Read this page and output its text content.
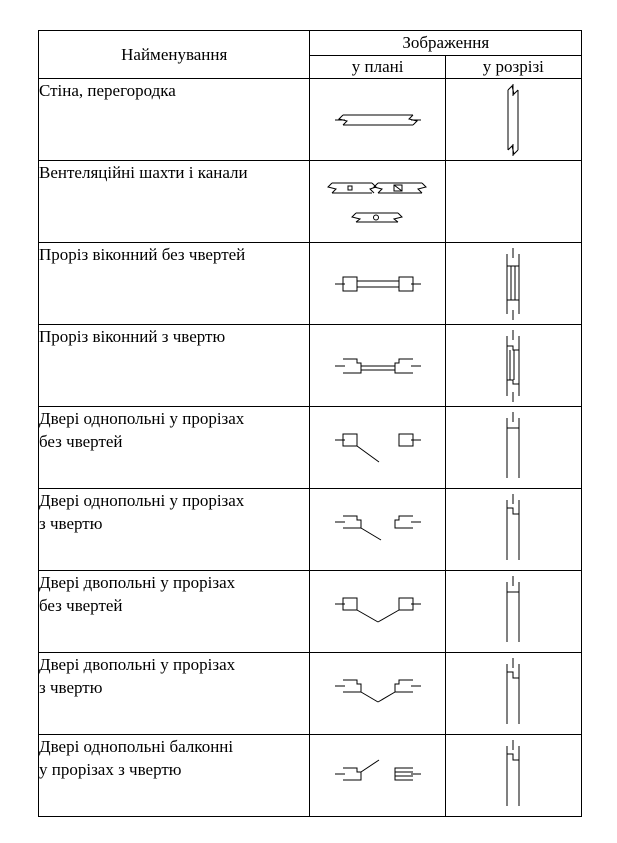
Найменування	Зображення	
	у плані	у розрізі
Стіна, перегородка	

Вентеляційні шахти і канали	

Проріз віконний без чвертей	

Проріз віконний з чвертю	

Двері однопольні у прорізах
без чвертей	

Двері однопольні у прорізах
з чвертю	

Двері двопольні у прорізах
без чвертей	

Двері двопольні у прорізах
з чвертю	

Двері однопольні балконні
у прорізах з чвертю	
